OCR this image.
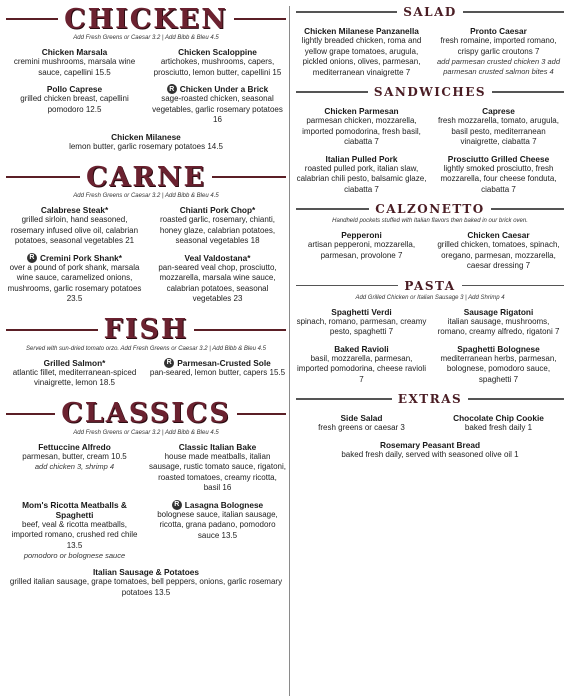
CHICKEN
Add Fresh Greens or Caesar 3.2 | Add Bibb & Bleu 4.5
Chicken Marsala
cremini mushrooms, marsala wine sauce, capellini 15.5
Chicken Scaloppine
artichokes, mushrooms, capers, prosciutto, lemon butter, capellini 15
Pollo Caprese
grilled chicken breast, capellini pomodoro 12.5
R Chicken Under a Brick
sage-roasted chicken, seasonal vegetables, garlic rosemary potatoes 16
Chicken Milanese
lemon butter, garlic rosemary potatoes 14.5
CARNE
Add Fresh Greens or Caesar 3.2 | Add Bibb & Bleu 4.5
Calabrese Steak*
grilled sirloin, hand seasoned, rosemary infused olive oil, calabrian potatoes, seasonal vegetables 21
Chianti Pork Chop*
roasted garlic, rosemary, chianti, honey glaze, calabrian potatoes, seasonal vegetables 18
R Cremini Pork Shank*
over a pound of pork shank, marsala wine sauce, caramelized onions, mushrooms, garlic rosemary potatoes 23.5
Veal Valdostana*
pan-seared veal chop, prosciutto, mozzarella, marsala wine sauce, calabrian potatoes, seasonal vegetables 23
FISH
Served with sun-dried tomato orzo. Add Fresh Greens or Caesar 3.2 | Add Bibb & Bleu 4.5
Grilled Salmon*
atlantic fillet, mediterranean-spiced vinaigrette, lemon 18.5
R Parmesan-Crusted Sole
pan-seared, lemon butter, capers 15.5
CLASSICS
Add Fresh Greens or Caesar 3.2 | Add Bibb & Bleu 4.5
Fettuccine Alfredo
parmesan, butter, cream 10.5
add chicken 3, shrimp 4
Classic Italian Bake
house made meatballs, italian sausage, rustic tomato sauce, rigatoni, roasted tomatoes, creamy ricotta, basil 16
Mom's Ricotta Meatballs & Spaghetti
beef, veal & ricotta meatballs, imported romano, crushed red chile 13.5
pomodoro or bolognese sauce
R Lasagna Bolognese
bolognese sauce, italian sausage, ricotta, grana padano, pomodoro sauce 13.5
Italian Sausage & Potatoes
grilled italian sausage, grape tomatoes, bell peppers, onions, garlic rosemary potatoes 13.5
SALAD
Chicken Milanese Panzanella
lightly breaded chicken, roma and yellow grape tomatoes, arugula, pickled onions, olives, parmesan, mediterranean vinaigrette 7
Pronto Caesar
fresh romaine, imported romano, crispy garlic croutons 7
add parmesan crusted chicken 3 add parmesan crusted salmon bites 4
SANDWICHES
Chicken Parmesan
parmesan chicken, mozzarella, imported pomodorina, fresh basil, ciabatta 7
Caprese
fresh mozzarella, tomato, arugula, basil pesto, mediterranean vinaigrette, ciabatta 7
Italian Pulled Pork
roasted pulled pork, italian slaw, calabrian chili pesto, balsamic glaze, ciabatta 7
Prosciutto Grilled Cheese
lightly smoked prosciutto, fresh mozzarella, four cheese fonduta, ciabatta 7
CALZONETTO
Handheld pockets stuffed with Italian flavors then baked in our brick oven.
Pepperoni
artisan pepperoni, mozzarella, parmesan, provolone 7
Chicken Caesar
grilled chicken, tomatoes, spinach, oregano, parmesan, mozzarella, caesar dressing 7
PASTA
Add Grilled Chicken or Italian Sausage 3 | Add Shrimp 4
Spaghetti Verdi
spinach, romano, parmesan, creamy pesto, spaghetti 7
Sausage Rigatoni
italian sausage, mushrooms, romano, creamy alfredo, rigatoni 7
Baked Ravioli
basil, mozzarella, parmesan, imported pomodorina, cheese ravioli 7
Spaghetti Bolognese
mediterranean herbs, parmesan, bolognese, pomodoro sauce, spaghetti 7
EXTRAS
Side Salad
fresh greens or caesar 3
Chocolate Chip Cookie
baked fresh daily 1
Rosemary Peasant Bread
baked fresh daily, served with seasoned olive oil 1
